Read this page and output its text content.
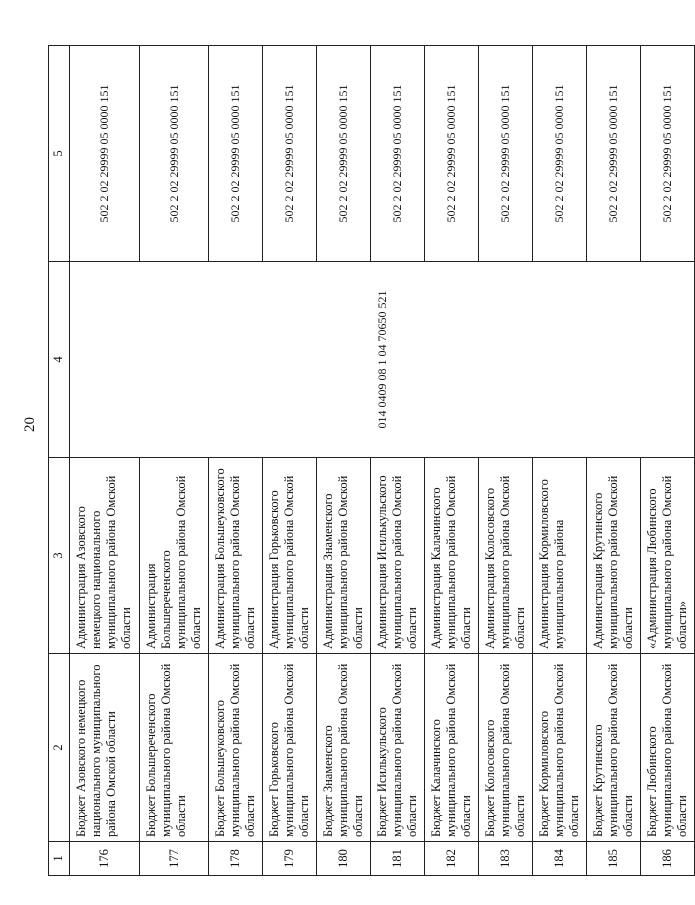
20
1	2	3	4	5
176	Бюджет Азовского немецкого национального муниципального района Омской области	Администрация Азовского немецкого национального муниципального района Омской области	014 0409 08 1 04 70650 521	502 2 02 29999 05 0000 151
177	Бюджет Большереченского муниципального района Омской области	Администрация Большереченского муниципального района Омской области		502 2 02 29999 05 0000 151
178	Бюджет Большеуковского муниципального района Омской области	Администрация Большеуковского муниципального района Омской области		502 2 02 29999 05 0000 151
179	Бюджет Горьковского муниципального района Омской области	Администрация Горьковского муниципального района Омской области		502 2 02 29999 05 0000 151
180	Бюджет Знаменского муниципального района Омской области	Администрация Знаменского муниципального района Омской области		502 2 02 29999 05 0000 151
181	Бюджет Исилькульского муниципального района Омской области	Администрация Исилькульского муниципального района Омской области		502 2 02 29999 05 0000 151
182	Бюджет Калачинского муниципального района Омской области	Администрация Калачинского муниципального района Омской области		502 2 02 29999 05 0000 151
183	Бюджет Колосовского муниципального района Омской области	Администрация Колосовского муниципального района Омской области		502 2 02 29999 05 0000 151
184	Бюджет Кормиловского муниципального района Омской области	Администрация Кормиловского муниципального района		502 2 02 29999 05 0000 151
185	Бюджет Крутинского муниципального района Омской области	Администрация Крутинского муниципального района Омской области		502 2 02 29999 05 0000 151
186	Бюджет Любинского муниципального района Омской области	«Администрация Любинского муниципального района Омской области»		502 2 02 29999 05 0000 151
